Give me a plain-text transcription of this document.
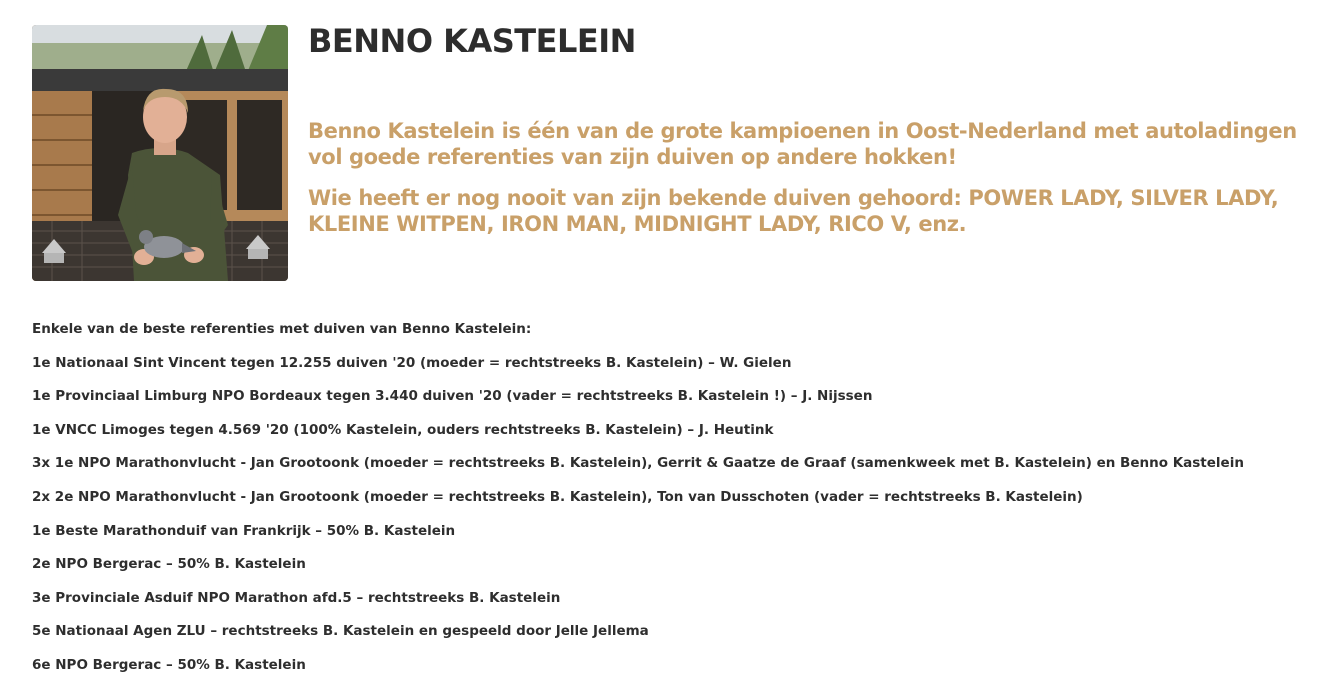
BENNO KASTELEIN

Benno Kastelein is één van de grote kampioenen in Oost-Nederland met autoladingen vol goede referenties van zijn duiven op andere hokken!

Wie heeft er nog nooit van zijn bekende duiven gehoord: POWER LADY, SILVER LADY, KLEINE WITPEN, IRON MAN, MIDNIGHT LADY, RICO V, enz.

Enkele van de beste referenties met duiven van Benno Kastelein:

1e Nationaal Sint Vincent tegen 12.255 duiven '20 (moeder = rechtstreeks B. Kastelein) – W. Gielen

1e Provinciaal Limburg NPO Bordeaux tegen 3.440 duiven '20 (vader = rechtstreeks B. Kastelein !) – J. Nijssen

1e VNCC Limoges tegen 4.569 '20 (100% Kastelein, ouders rechtstreeks B. Kastelein) – J. Heutink

3x 1e NPO Marathonvlucht - Jan Grootoonk (moeder = rechtstreeks B. Kastelein), Gerrit & Gaatze de Graaf (samenkweek met B. Kastelein) en Benno Kastelein

2x 2e NPO Marathonvlucht - Jan Grootoonk (moeder = rechtstreeks B. Kastelein), Ton van Dusschoten (vader = rechtstreeks B. Kastelein)

1e Beste Marathonduif van Frankrijk – 50% B. Kastelein

2e NPO Bergerac – 50% B. Kastelein

3e Provinciale Asduif NPO Marathon afd.5 – rechtstreeks B. Kastelein

5e Nationaal Agen ZLU – rechtstreeks B. Kastelein en gespeeld door Jelle Jellema

6e NPO Bergerac – 50% B. Kastelein
